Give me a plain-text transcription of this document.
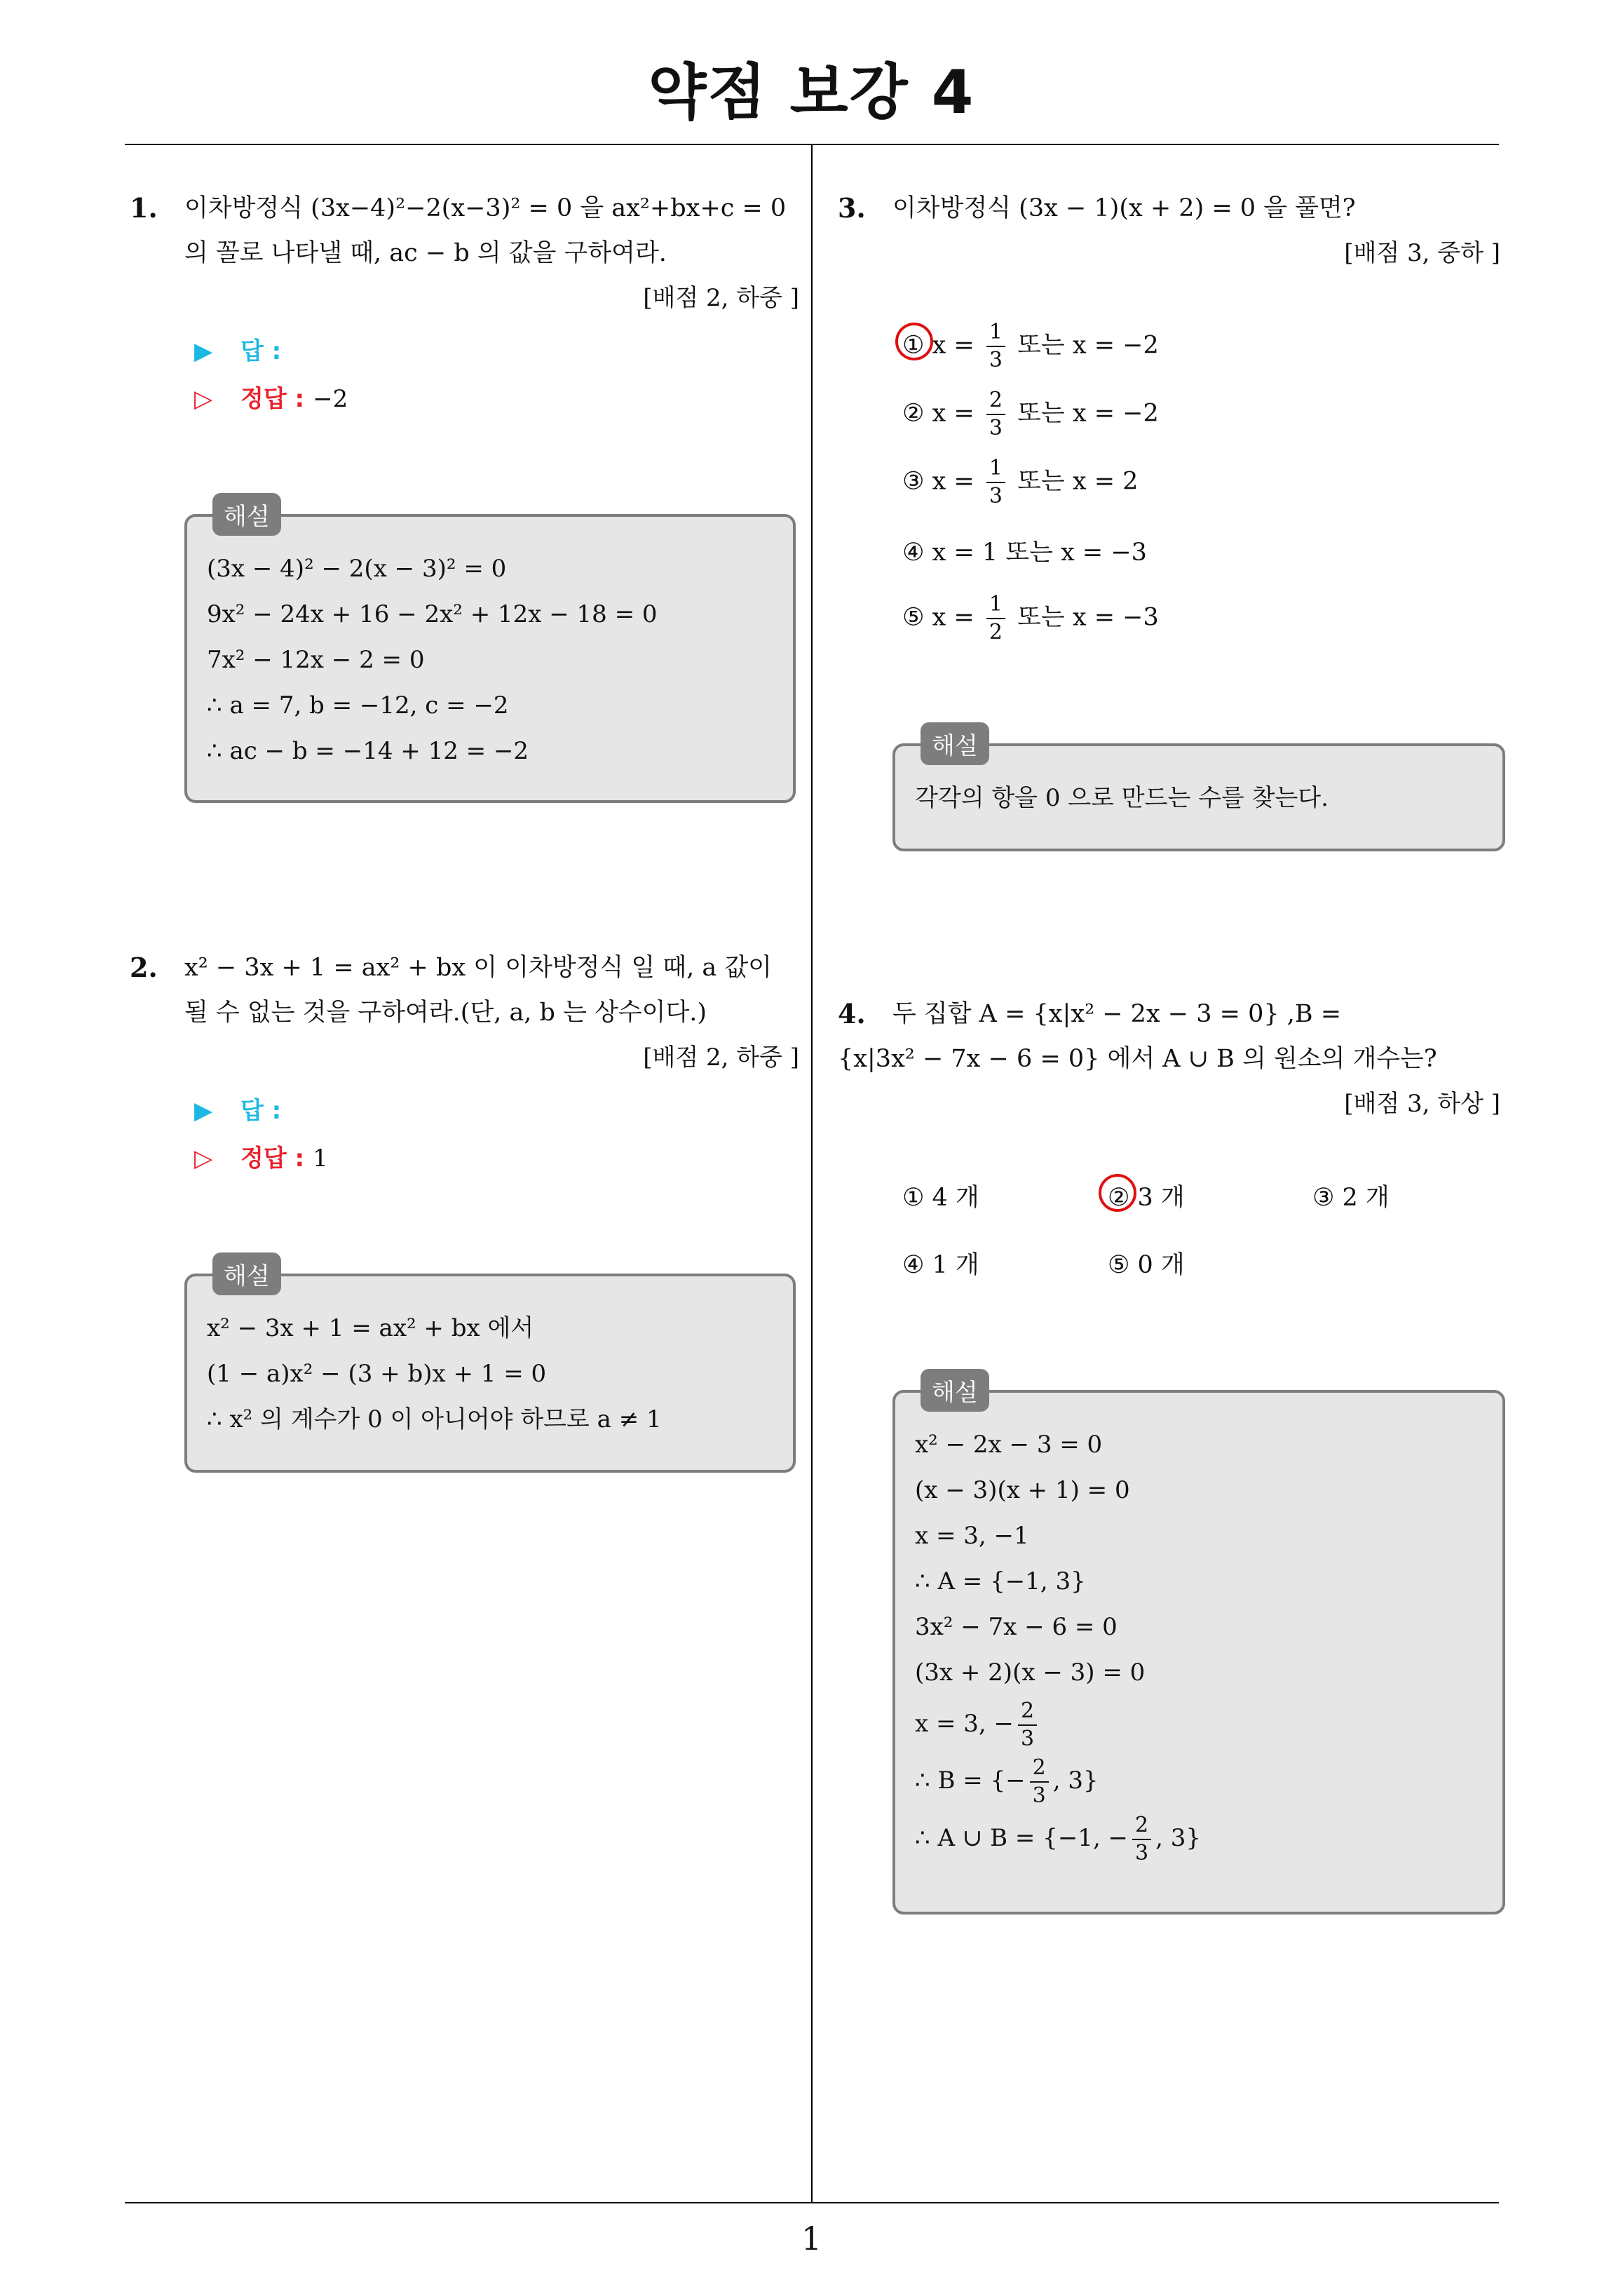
약점 보강 4
1
1. 이차방정식 (3x−4)²−2(x−3)² = 0 을 ax²+bx+c = 0
의 꼴로 나타낼 때, ac − b 의 값을 구하여라.
[배점 2, 하중 ]
▶ 답 :
▷ 정답 : −2
해설
(3x − 4)² − 2(x − 3)² = 0
9x² − 24x + 16 − 2x² + 12x − 18 = 0
7x² − 12x − 2 = 0
∴ a = 7, b = −12, c = −2
∴ ac − b = −14 + 12 = −2
2. x² − 3x + 1 = ax² + bx 이 이차방정식 일 때, a 값이
될 수 없는 것을 구하여라.(단, a, b 는 상수이다.)
[배점 2, 하중 ]
▶ 답 :
▷ 정답 : 1
해설
x² − 3x + 1 = ax² + bx 에서
(1 − a)x² − (3 + b)x + 1 = 0
∴ x² 의 계수가 0 이 아니어야 하므로 a ≠ 1
3. 이차방정식 (3x − 1)(x + 2) = 0 을 풀면?
[배점 3, 중하 ]
① $x = \frac{1}{3}$ 또는 x = −2
② $x = \frac{2}{3}$ 또는 x = −2
③ $x = \frac{1}{3}$ 또는 x = 2
④ x = 1 또는 x = −3
⑤ $x = \frac{1}{2}$ 또는 x = −3
해설
각각의 항을 0 으로 만드는 수를 찾는다.
4. 두 집합 A = {x|x² − 2x − 3 = 0} ,B =
{x|3x² − 7x − 6 = 0} 에서 A ∪ B 의 원소의 개수는?
[배점 3, 하상 ]
① 4 개	② 3 개	③ 2 개
④ 1 개	⑤ 0 개
해설
x² − 2x − 3 = 0
(x − 3)(x + 1) = 0
x = 3, −1
∴ A = {−1, 3}
3x² − 7x − 6 = 0
(3x + 2)(x − 3) = 0
x = 3, − $\frac{2}{3}$
∴ B = {− $\frac{2}{3}$ , 3}
∴ A ∪ B = {−1, − $\frac{2}{3}$ , 3}
